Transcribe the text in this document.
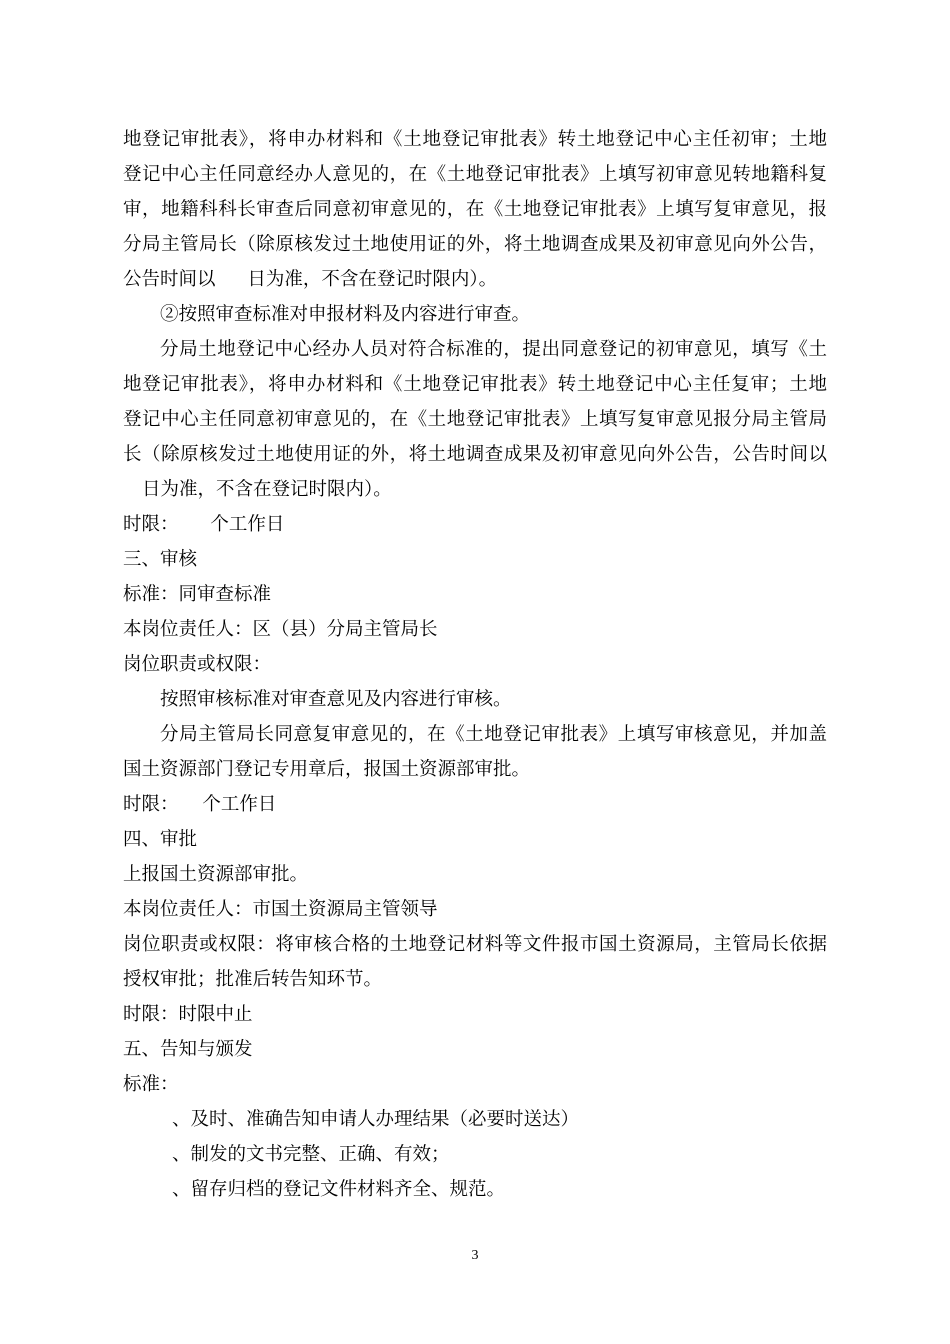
地登记审批表》，将申办材料和《土地登记审批表》转土地登记中心主任初审；土地
登记中心主任同意经办人意见的，在《土地登记审批表》上填写初审意见转地籍科复
审，地籍科科长审查后同意初审意见的，在《土地登记审批表》上填写复审意见，报
分局主管局长（除原核发过土地使用证的外，将土地调查成果及初审意见向外公告，
公告时间以 日为准，不含在登记时限内）。
②按照审查标准对申报材料及内容进行审查。
分局土地登记中心经办人员对符合标准的，提出同意登记的初审意见，填写《土
地登记审批表》，将申办材料和《土地登记审批表》转土地登记中心主任复审；土地
登记中心主任同意初审意见的，在《土地登记审批表》上填写复审意见报分局主管局
长（除原核发过土地使用证的外，将土地调查成果及初审意见向外公告，公告时间以
日为准，不含在登记时限内）。
时限： 个工作日
三、审核
标准：同审查标准
本岗位责任人：区（县）分局主管局长
岗位职责或权限：
按照审核标准对审查意见及内容进行审核。
分局主管局长同意复审意见的，在《土地登记审批表》上填写审核意见，并加盖
国土资源部门登记专用章后，报国土资源部审批。
时限： 个工作日
四、审批
上报国土资源部审批。
本岗位责任人：市国土资源局主管领导
岗位职责或权限：将审核合格的土地登记材料等文件报市国土资源局，主管局长依据
授权审批；批准后转告知环节。
时限：时限中止
五、告知与颁发
标准：
、及时、准确告知申请人办理结果（必要时送达）
、制发的文书完整、正确、有效；
、留存归档的登记文件材料齐全、规范。
3
